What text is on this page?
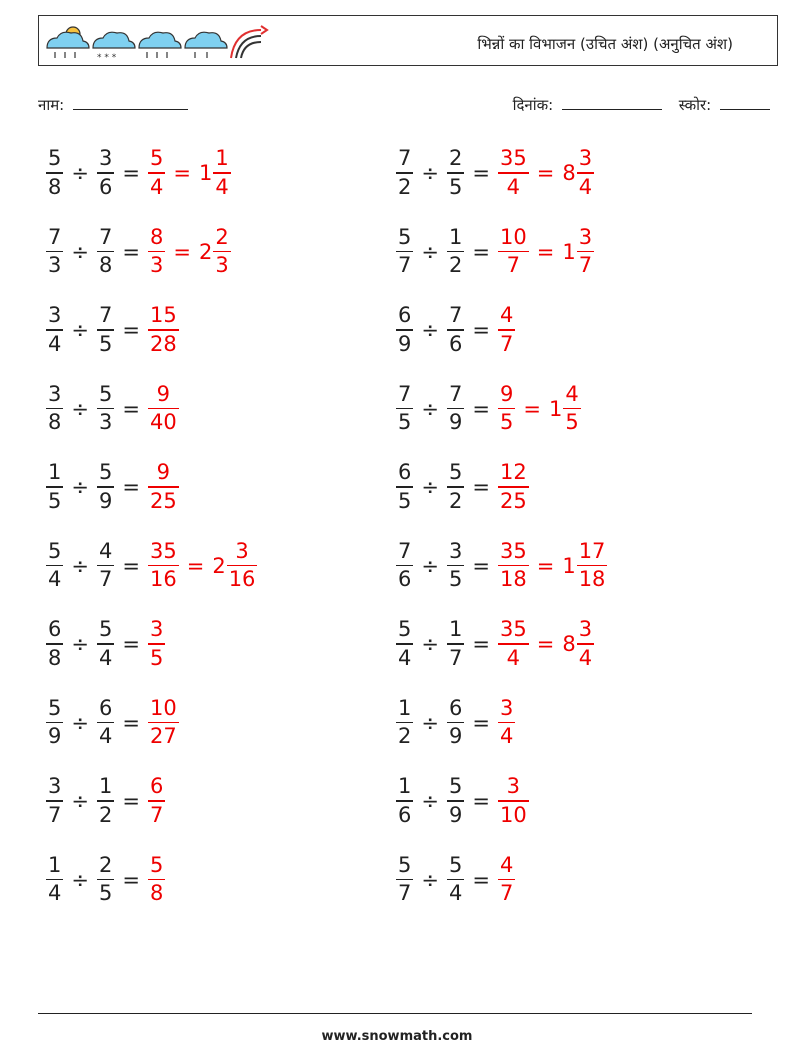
* * *
भिन्नों का विभाजन (उचित अंश) (अनुचित अंश)
नाम:	दिनांक:	स्कोर:
$\frac{5}{8} \div \frac{3}{6} = \frac{5}{4} = 1 \frac{1}{4}$	$\frac{7}{2} \div \frac{2}{5} = \frac{35}{4} = 8 \frac{3}{4}$
$\frac{7}{3} \div \frac{7}{8} = \frac{8}{3} = 2 \frac{2}{3}$	$\frac{5}{7} \div \frac{1}{2} = \frac{10}{7} = 1 \frac{3}{7}$
$\frac{3}{4} \div \frac{7}{5} = \frac{15}{28}$	$\frac{6}{9} \div \frac{7}{6} = \frac{4}{7}$
$\frac{3}{8} \div \frac{5}{3} = \frac{9}{40}$	$\frac{7}{5} \div \frac{7}{9} = \frac{9}{5} = 1 \frac{4}{5}$
$\frac{1}{5} \div \frac{5}{9} = \frac{9}{25}$	$\frac{6}{5} \div \frac{5}{2} = \frac{12}{25}$
$\frac{5}{4} \div \frac{4}{7} = \frac{35}{16} = 2 \frac{3}{16}$	$\frac{7}{6} \div \frac{3}{5} = \frac{35}{18} = 1 \frac{17}{18}$
$\frac{6}{8} \div \frac{5}{4} = \frac{3}{5}$	$\frac{5}{4} \div \frac{1}{7} = \frac{35}{4} = 8 \frac{3}{4}$
$\frac{5}{9} \div \frac{6}{4} = \frac{10}{27}$	$\frac{1}{2} \div \frac{6}{9} = \frac{3}{4}$
$\frac{3}{7} \div \frac{1}{2} = \frac{6}{7}$	$\frac{1}{6} \div \frac{5}{9} = \frac{3}{10}$
$\frac{1}{4} \div \frac{2}{5} = \frac{5}{8}$	$\frac{5}{7} \div \frac{5}{4} = \frac{4}{7}$
www.snowmath.com
